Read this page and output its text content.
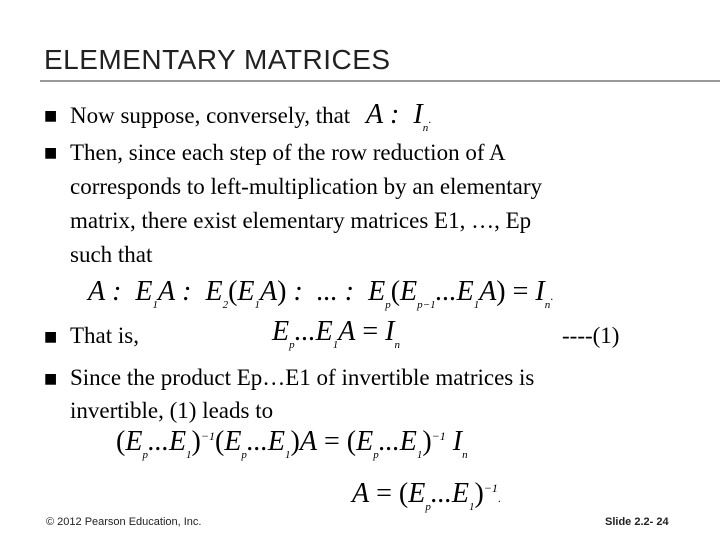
ELEMENTARY MATRICES
■ Now suppose, conversely, that A :  $I_n$.
■ Then, since each step of the row reduction of A
corresponds to left-multiplication by an elementary
matrix, there exist elementary matrices E1, …, Ep
such that
A :  $E_1A$ :  $E_2(E_1A)$ :  ... :  $E_p(E_{p-1}...E_1A) = I_n$.
■ That is,	$E_p...E_1A = I_n$	----(1)
■ Since the product Ep…E1 of invertible matrices is
invertible, (1) leads to
$(E_p...E_1)^{-1}(E_p...E_1)A = (E_p...E_1)^{-1}$ $I_n$
$A = (E_p...E_1)^{-1}$.
© 2012 Pearson Education, Inc.	Slide 2.2- 24
